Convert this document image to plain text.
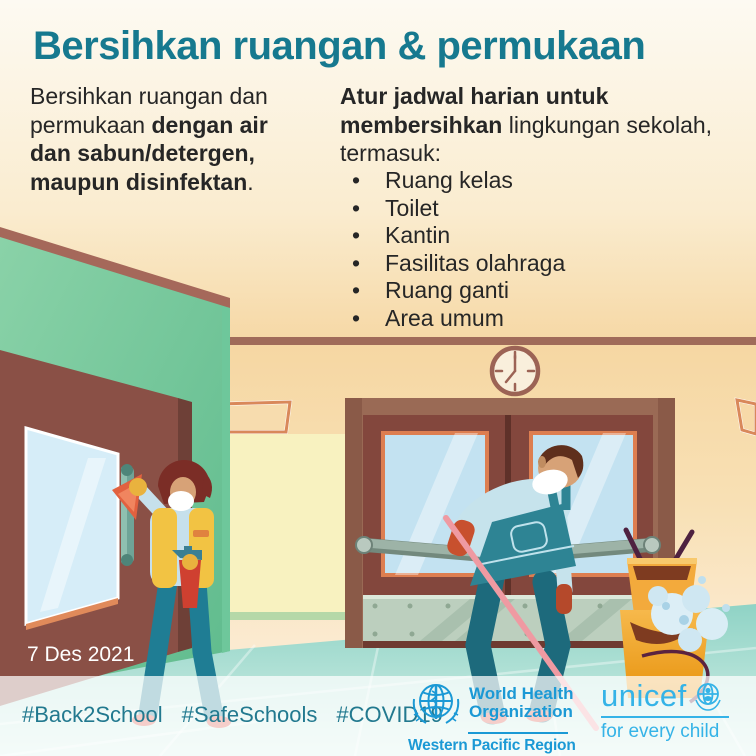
Bersihkan ruangan & permukaan
Bersihkan ruangan dan permukaan dengan air dan sabun/detergen, maupun disinfektan.
Atur jadwal harian untuk membersihkan lingkungan sekolah, termasuk:
•	Ruang kelas
•	Toilet
•	Kantin
•	Fasilitas olahraga
•	Ruang ganti
•	Area umum
7 Des 2021
#Back2School #SafeSchools #COVID19
World Health
Organization
Western Pacific Region
unicef
for every child
